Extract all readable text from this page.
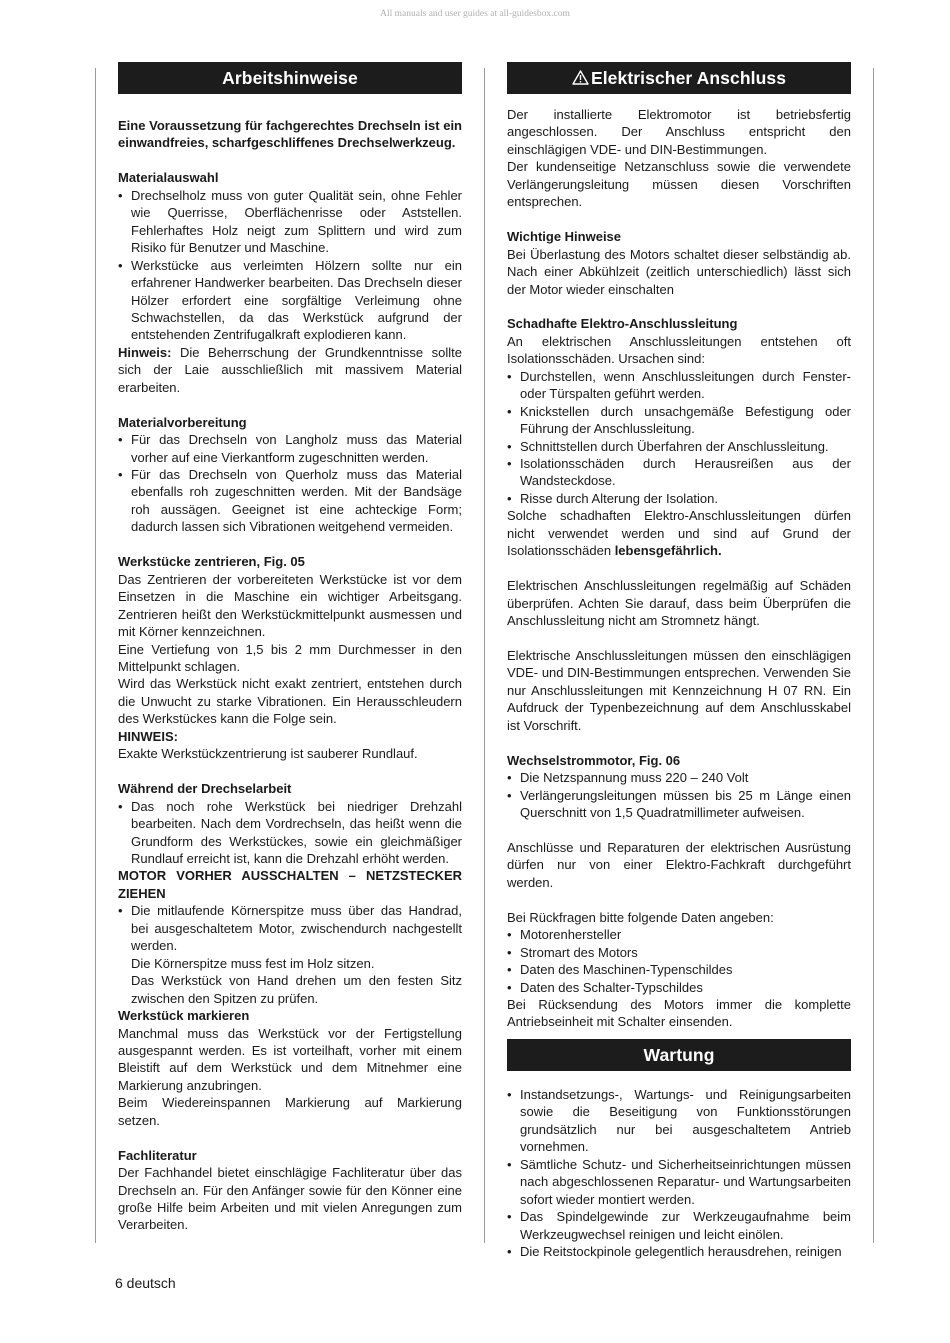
All manuals and user guides at all-guidesbox.com
Arbeitshinweise

Eine Voraussetzung für fachgerechtes Drechseln ist ein einwandfreies, scharfgeschliffenes Drechselwerkzeug.

Materialauswahl

• Drechselholz muss von guter Qualität sein, ohne Fehler wie Querrisse, Oberflächenrisse oder Aststellen. Fehlerhaftes Holz neigt zum Splittern und wird zum Risiko für Benutzer und Maschine.
• Werkstücke aus verleimten Hölzern sollte nur ein erfahrener Handwerker bearbeiten. Das Drechseln dieser Hölzer erfordert eine sorgfältige Verleimung ohne Schwachstellen, da das Werkstück aufgrund der entstehenden Zentrifugalkraft explodieren kann.

Hinweis: Die Beherrschung der Grundkenntnisse sollte sich der Laie ausschließlich mit massivem Material erarbeiten.

Materialvorbereitung

• Für das Drechseln von Langholz muss das Material vorher auf eine Vierkantform zugeschnitten werden.
• Für das Drechseln von Querholz muss das Material ebenfalls roh zugeschnitten werden. Mit der Bandsäge roh aussägen. Geeignet ist eine achteckige Form; dadurch lassen sich Vibrationen weitgehend vermeiden.

Werkstücke zentrieren, Fig. 05

Das Zentrieren der vorbereiteten Werkstücke ist vor dem Einsetzen in die Maschine ein wichtiger Arbeitsgang. Zentrieren heißt den Werkstückmittelpunkt ausmessen und mit Körner kennzeichnen.

Eine Vertiefung von 1,5 bis 2 mm Durchmesser in den Mittelpunkt schlagen.

Wird das Werkstück nicht exakt zentriert, entstehen durch die Unwucht zu starke Vibrationen. Ein Herausschleudern des Werkstückes kann die Folge sein.

HINWEIS:

Exakte Werkstückzentrierung ist sauberer Rundlauf.

Während der Drechselarbeit

• Das noch rohe Werkstück bei niedriger Drehzahl bearbeiten. Nach dem Vordrechseln, das heißt wenn die Grundform des Werkstückes, sowie ein gleichmäßiger Rundlauf erreicht ist, kann die Drehzahl erhöht werden.

MOTOR VORHER AUSSCHALTEN – NETZSTECKER ZIEHEN

• Die mitlaufende Körnerspitze muss über das Handrad, bei ausgeschaltetem Motor, zwischendurch nachgestellt werden.
Die Körnerspitze muss fest im Holz sitzen.
Das Werkstück von Hand drehen um den festen Sitz zwischen den Spitzen zu prüfen.

Werkstück markieren

Manchmal muss das Werkstück vor der Fertigstellung ausgespannt werden. Es ist vorteilhaft, vorher mit einem Bleistift auf dem Werkstück und dem Mitnehmer eine Markierung anzubringen.

Beim Wiedereinspannen Markierung auf Markierung setzen.

Fachliteratur

Der Fachhandel bietet einschlägige Fachliteratur über das Drechseln an. Für den Anfänger sowie für den Könner eine große Hilfe beim Arbeiten und mit vielen Anregungen zum Verarbeiten.

Elektrischer Anschluss

Der installierte Elektromotor ist betriebsfertig angeschlossen. Der Anschluss entspricht den einschlägigen VDE- und DIN-Bestimmungen.

Der kundenseitige Netzanschluss sowie die verwendete Verlängerungsleitung müssen diesen Vorschriften entsprechen.

Wichtige Hinweise

Bei Überlastung des Motors schaltet dieser selbständig ab. Nach einer Abkühlzeit (zeitlich unterschiedlich) lässt sich der Motor wieder einschalten

Schadhafte Elektro-Anschlussleitung

An elektrischen Anschlussleitungen entstehen oft Isolationsschäden. Ursachen sind:

• Durchstellen, wenn Anschlussleitungen durch Fenster- oder Türspalten geführt werden.
• Knickstellen durch unsachgemäße Befestigung oder Führung der Anschlussleitung.
• Schnittstellen durch Überfahren der Anschlussleitung.
• Isolationsschäden durch Herausreißen aus der Wandsteckdose.
• Risse durch Alterung der Isolation.

Solche schadhaften Elektro-Anschlussleitungen dürfen nicht verwendet werden und sind auf Grund der Isolationsschäden lebensgefährlich.

Elektrischen Anschlussleitungen regelmäßig auf Schäden überprüfen. Achten Sie darauf, dass beim Überprüfen die Anschlussleitung nicht am Stromnetz hängt.

Elektrische Anschlussleitungen müssen den einschlägigen VDE- und DIN-Bestimmungen entsprechen. Verwenden Sie nur Anschlussleitungen mit Kennzeichnung H 07 RN. Ein Aufdruck der Typenbezeichnung auf dem Anschlusskabel ist Vorschrift.

Wechselstrommotor, Fig. 06

• Die Netzspannung muss 220 – 240 Volt
• Verlängerungsleitungen müssen bis 25 m Länge einen Querschnitt von 1,5 Quadratmillimeter aufweisen.

Anschlüsse und Reparaturen der elektrischen Ausrüstung dürfen nur von einer Elektro-Fachkraft durchgeführt werden.

Bei Rückfragen bitte folgende Daten angeben:

• Motorenhersteller
• Stromart des Motors
• Daten des Maschinen-Typenschildes
• Daten des Schalter-Typschildes

Bei Rücksendung des Motors immer die komplette Antriebseinheit mit Schalter einsenden.

Wartung
• Instandsetzungs-, Wartungs- und Reinigungsarbeiten sowie die Beseitigung von Funktionsstörungen grundsätzlich nur bei ausgeschaltetem Antrieb vornehmen.
• Sämtliche Schutz- und Sicherheitseinrichtungen müssen nach abgeschlossenen Reparatur- und Wartungsarbeiten sofort wieder montiert werden.
• Das Spindelgewinde zur Werkzeugaufnahme beim Werkzeugwechsel reinigen und leicht einölen.
• Die Reitstockpinole gelegentlich herausdrehen, reinigen
6 deutsch
